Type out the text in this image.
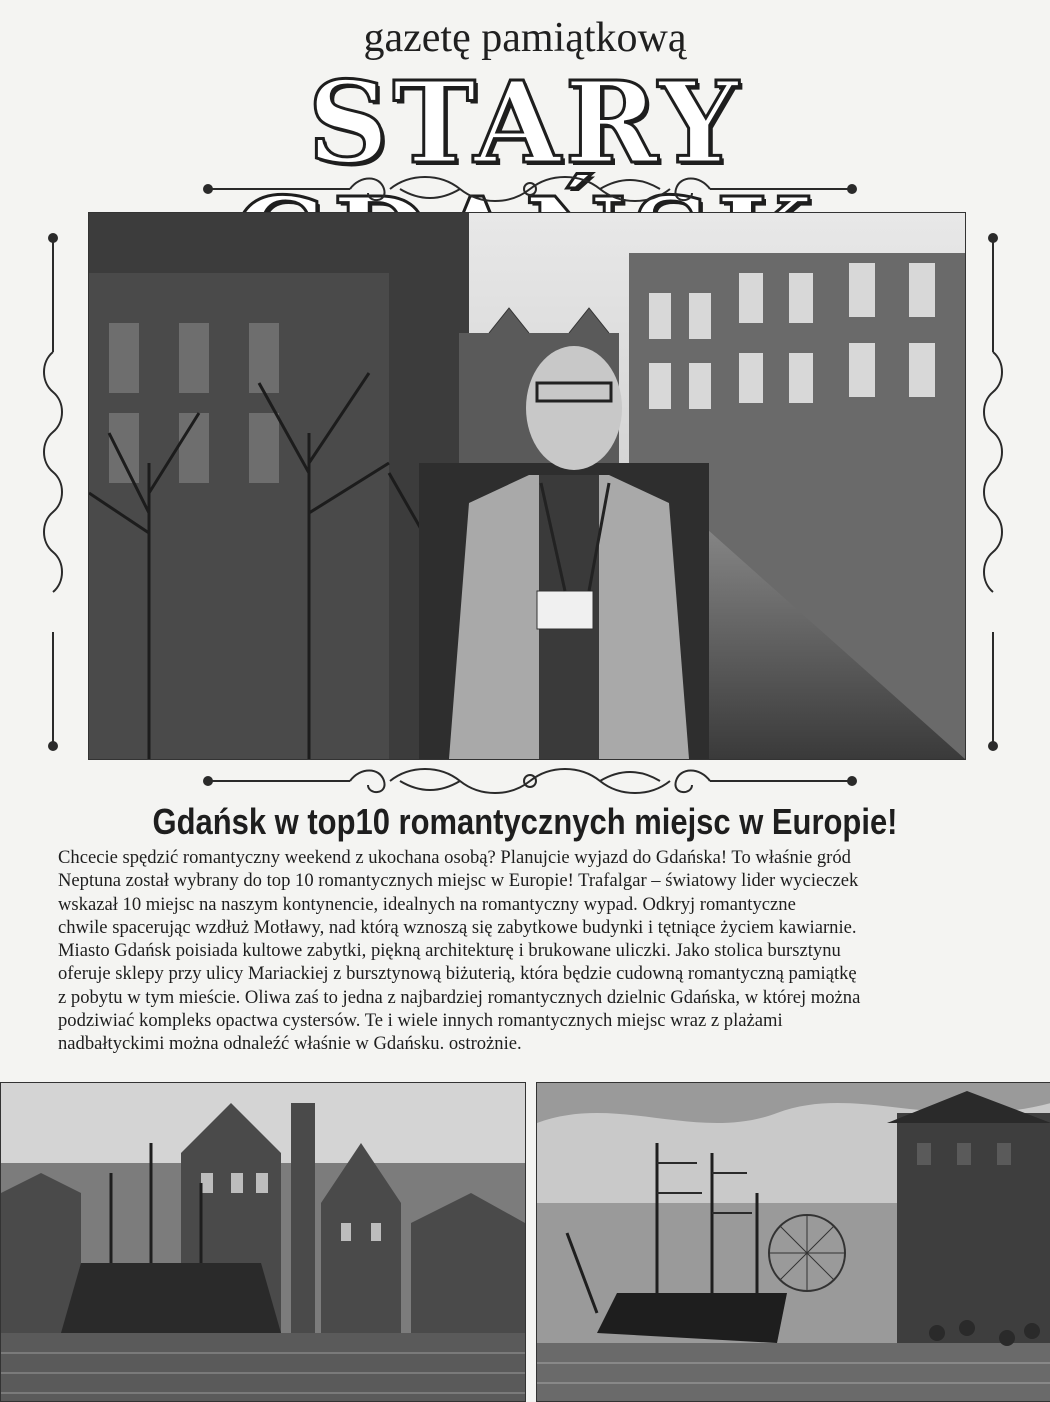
gazetę pamiątkową
STARY
Gdańsk w top10 romantycznych miejsc w Europie!
Chcecie spędzić romantyczny weekend z ukochana osobą? Planujcie wyjazd do Gdańska! To właśnie gród
Neptuna został wybrany do top 10 romantycznych miejsc w Europie! Trafalgar – światowy lider wycieczek
wskazał 10 miejsc na naszym kontynencie, idealnych na romantyczny wypad. Odkryj romantyczne
chwile spacerując wzdłuż Motławy, nad którą wznoszą się zabytkowe budynki i tętniące życiem kawiarnie.
Miasto Gdańsk poisiada kultowe zabytki, piękną architekturę i brukowane uliczki. Jako stolica bursztynu
oferuje sklepy przy ulicy Mariackiej z bursztynową biżuterią, która będzie cudowną romantyczną pamiątkę
z pobytu w tym mieście. Oliwa zaś to jedna z najbardziej romantycznych dzielnic Gdańska, w której można
podziwiać kompleks opactwa cystersów. Te i wiele innych romantycznych miejsc wraz z plażami
nadbałtyckimi można odnaleźć właśnie w Gdańsku. ostrożnie.
